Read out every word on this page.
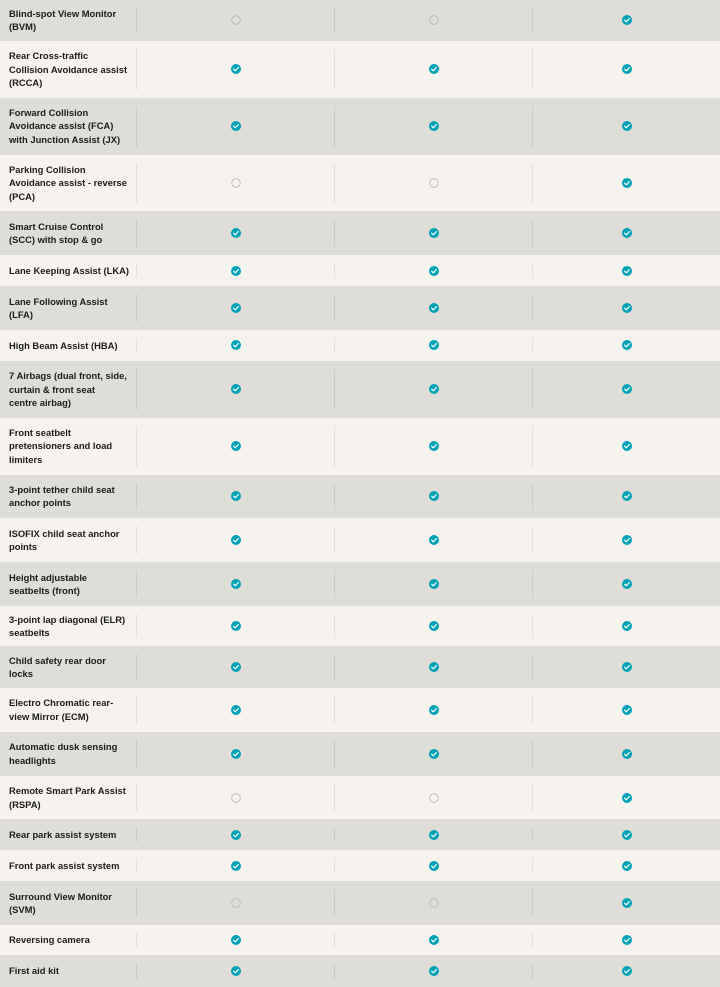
Blind-spot View Monitor
(BVM)
Rear Cross-traffic
Collision Avoidance assist
(RCCA)
Forward Collision
Avoidance assist (FCA)
with Junction Assist (JX)
Parking Collision
Avoidance assist - reverse
(PCA)
Smart Cruise Control
(SCC) with stop & go
Lane Keeping Assist (LKA)
Lane Following Assist
(LFA)
High Beam Assist (HBA)
7 Airbags (dual front, side,
curtain & front seat
centre airbag)
Front seatbelt
pretensioners and load
limiters
3-point tether child seat
anchor points
ISOFIX child seat anchor
points
Height adjustable
seatbelts (front)
3-point lap diagonal (ELR)
seatbelts
Child safety rear door
locks
Electro Chromatic rear-
view Mirror (ECM)
Automatic dusk sensing
headlights
Remote Smart Park Assist
(RSPA)
Rear park assist system
Front park assist system
Surround View Monitor
(SVM)
Reversing camera
First aid kit
